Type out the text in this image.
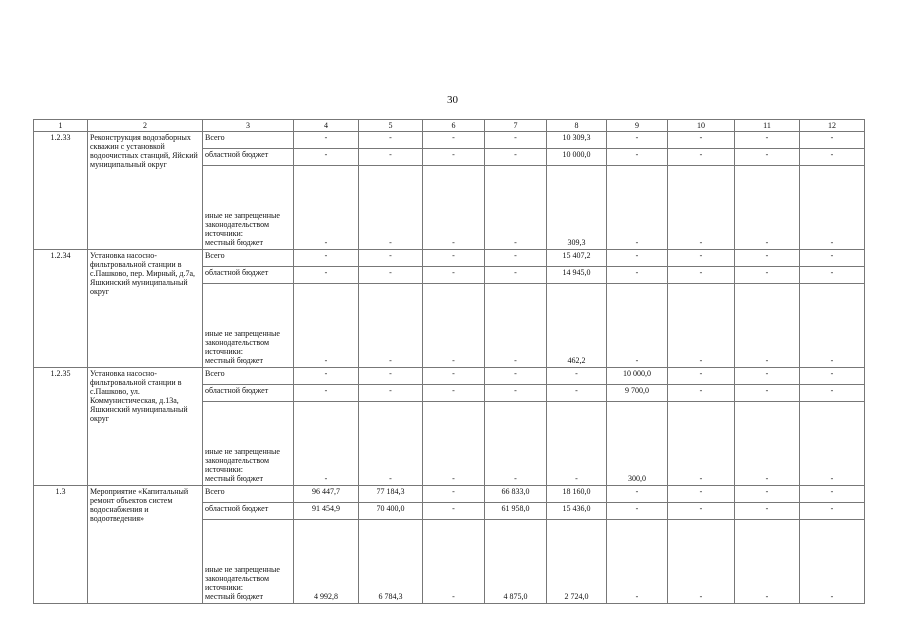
30
1	2	3	4	5	6	7	8	9	10	11	12
1.2.33	Реконструкция водозаборных скважин с установкой водоочистных станций, Яйский муниципальный округ	Всего	-	-	-	-	10 309,3	-	-	-	-
		областной бюджет	-	-	-	-	10 000,0	-	-	-	-
		иные не запрещенные законодательством источники:
местный бюджет	-	-	-	-	309,3	-	-	-	-
1.2.34	Установка насосно-фильтровальной станции в с.Пашково, пер. Мирный, д.7а, Яшкинский муниципальный округ	Всего	-	-	-	-	15 407,2	-	-	-	-
		областной бюджет	-	-	-	-	14 945,0	-	-	-	-
		иные не запрещенные законодательством источники:
местный бюджет	-	-	-	-	462,2	-	-	-	-
1.2.35	Установка насосно-фильтровальной станции в с.Пашково, ул. Коммунистическая, д.13а, Яшкинский муниципальный округ	Всего	-	-	-	-	-	10 000,0	-	-	-
		областной бюджет	-	-	-	-	-	9 700,0	-	-	-
		иные не запрещенные законодательством источники:
местный бюджет	-	-	-	-	-	300,0	-	-	-
1.3	Мероприятие «Капитальный ремонт объектов систем водоснабжения и водоотведения»	Всего	96 447,7	77 184,3	-	66 833,0	18 160,0	-	-	-	-
		областной бюджет	91 454,9	70 400,0	-	61 958,0	15 436,0	-	-	-	-
		иные не запрещенные законодательством источники:
местный бюджет	4 992,8	6 784,3	-	4 875,0	2 724,0	-	-	-	-
